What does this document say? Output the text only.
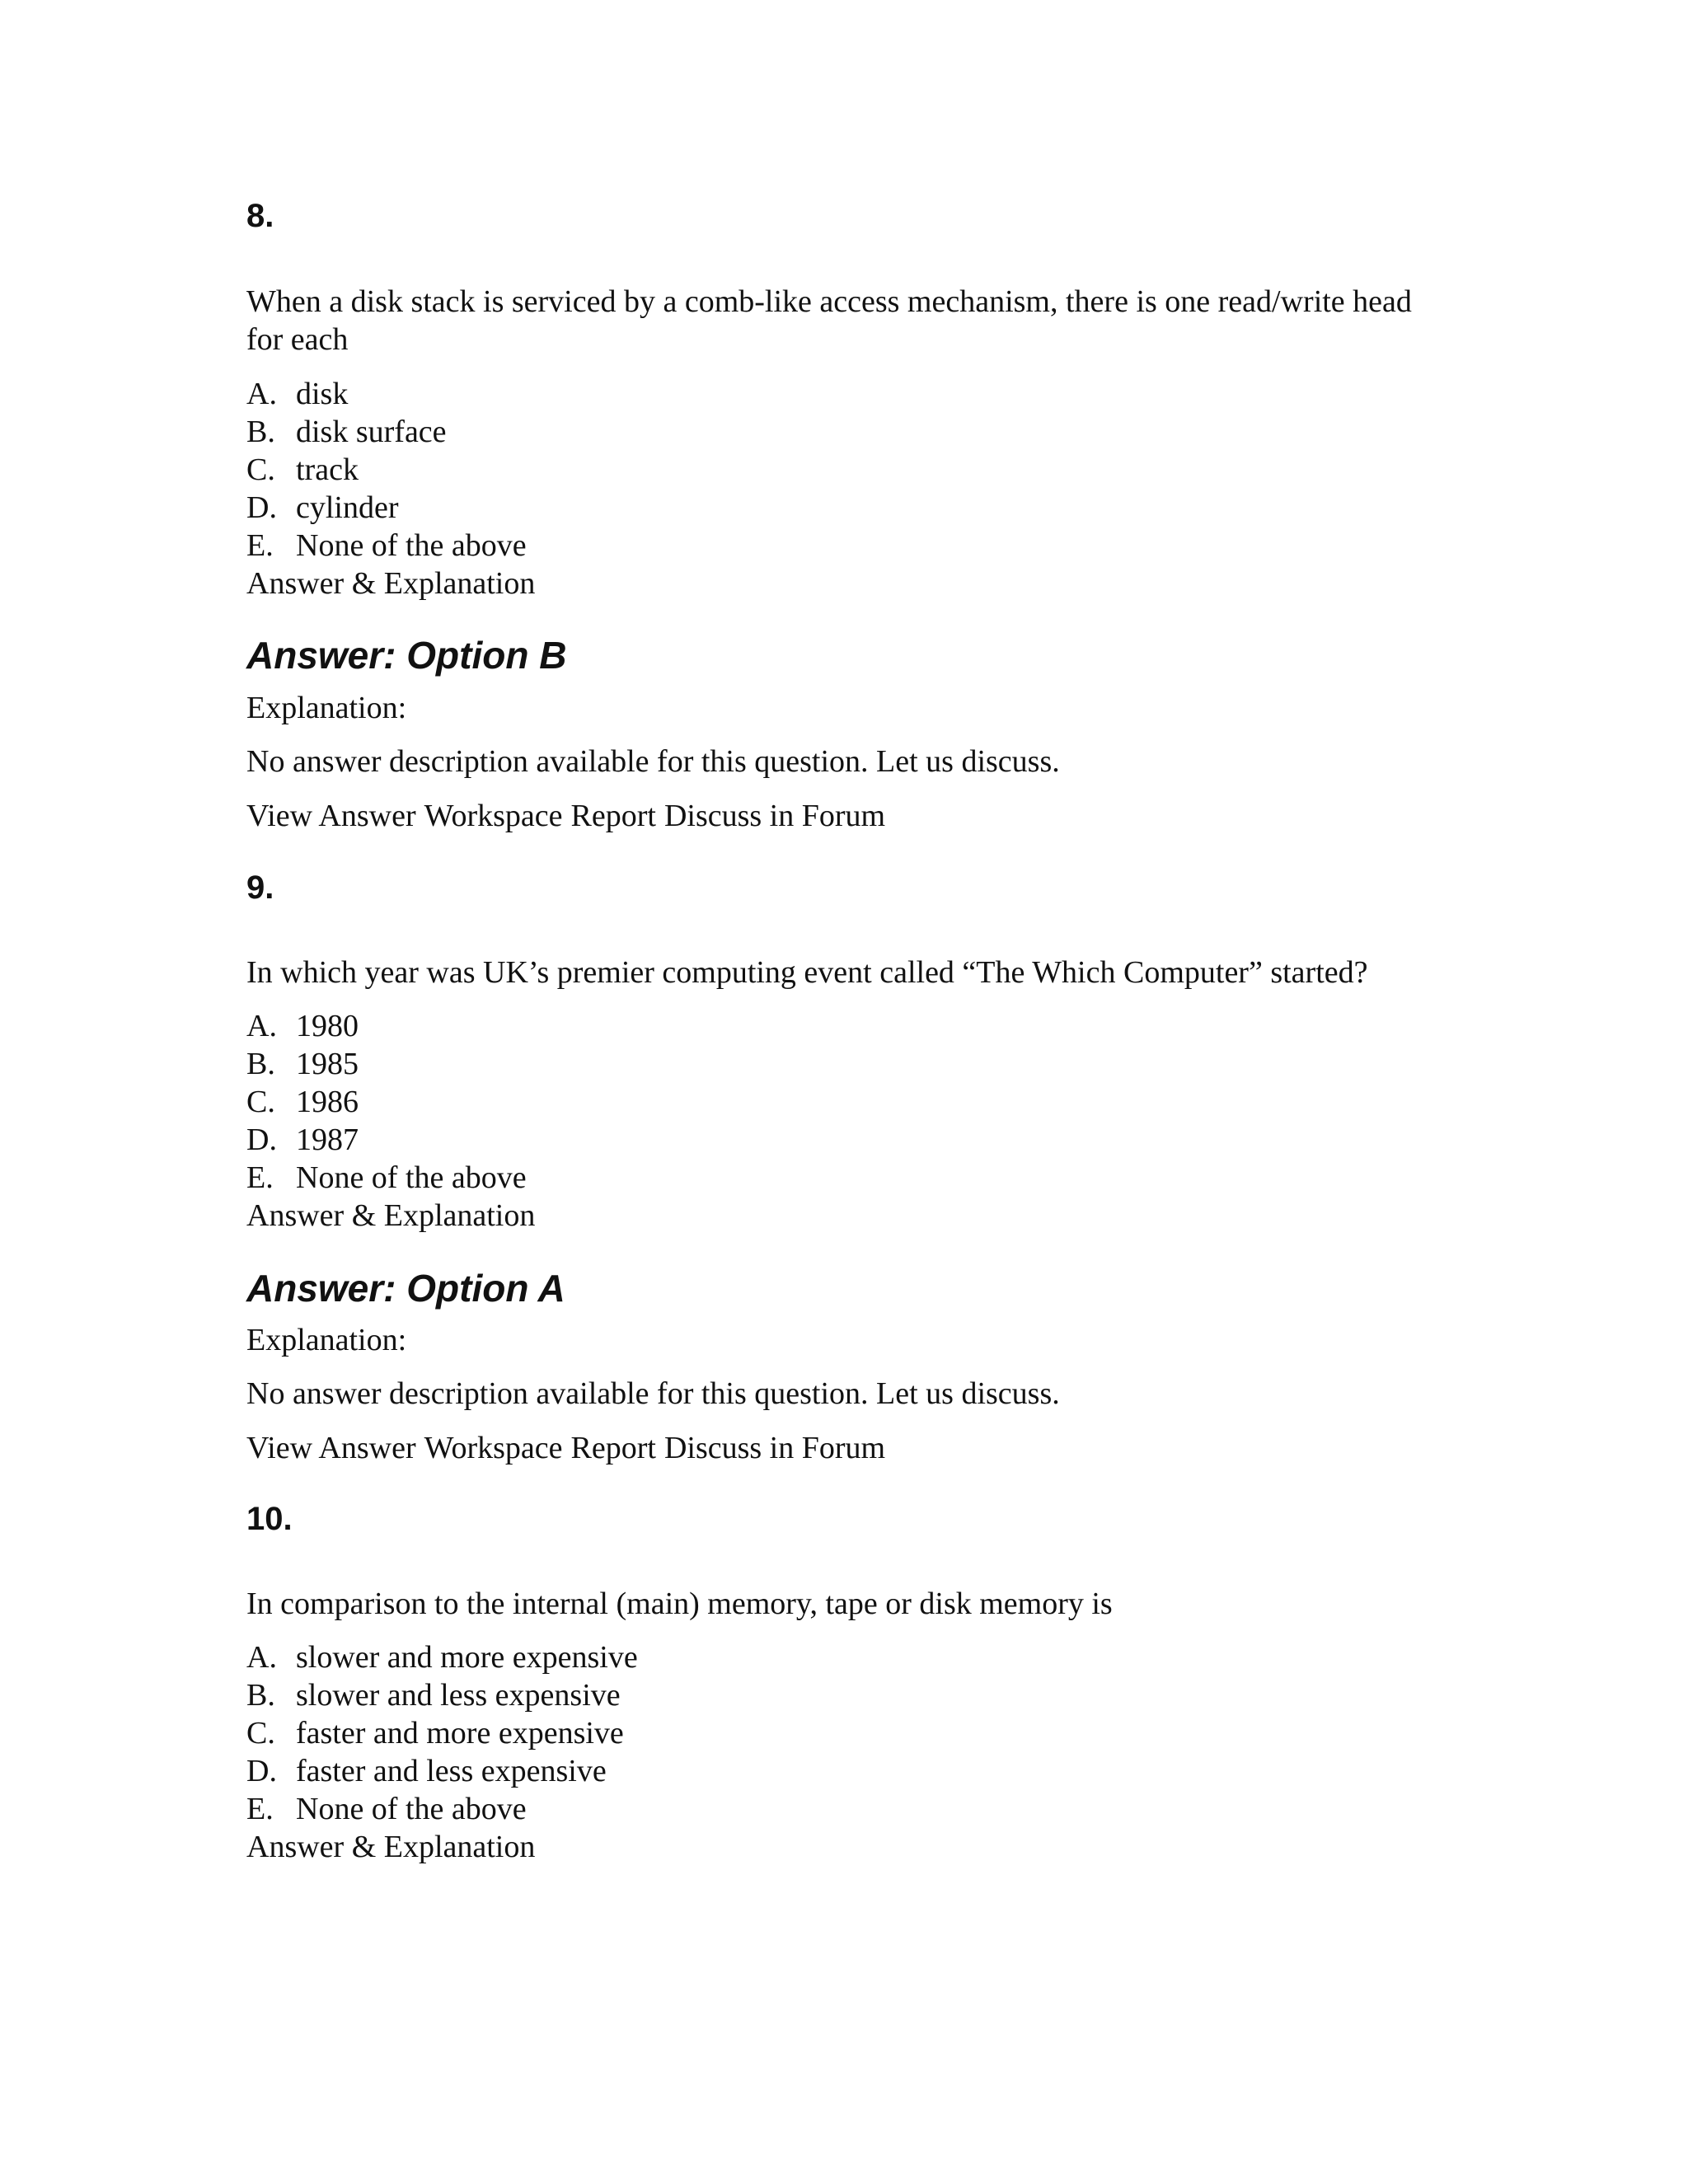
8.
When a disk stack is serviced by a comb-like access mechanism, there is one read/write head for each
A. disk
B. disk surface
C. track
D. cylinder
E. None of the above
Answer & Explanation
Answer: Option B
Explanation:
No answer description available for this question. Let us discuss.
View Answer Workspace Report Discuss in Forum
9.
In which year was UK’s premier computing event called “The Which Computer” started?
A. 1980
B. 1985
C. 1986
D. 1987
E. None of the above
Answer & Explanation
Answer: Option A
Explanation:
No answer description available for this question. Let us discuss.
View Answer Workspace Report Discuss in Forum
10.
In comparison to the internal (main) memory, tape or disk memory is
A. slower and more expensive
B. slower and less expensive
C. faster and more expensive
D. faster and less expensive
E. None of the above
Answer & Explanation
